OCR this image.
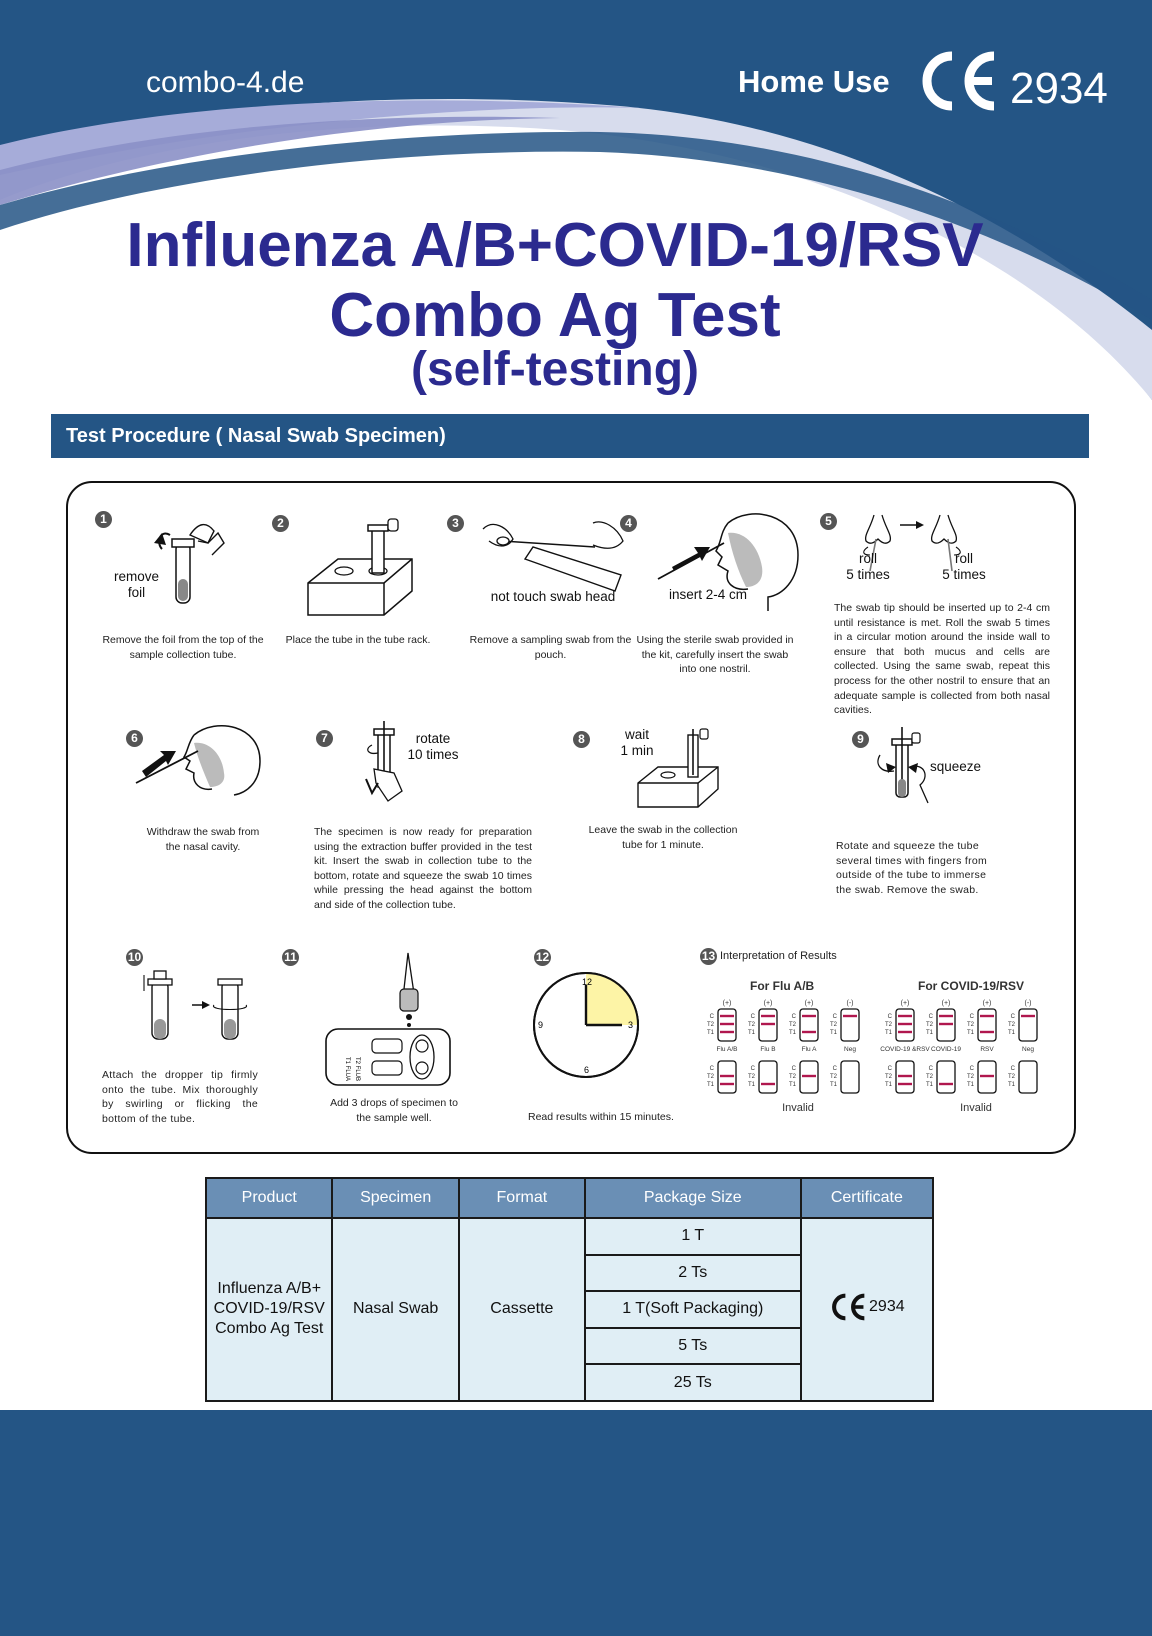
combo-4.de	Home Use	2934
Influenza A/B+COVID-19/RSV
Combo Ag Test
(self-testing)
Test Procedure ( Nasal Swab Specimen)
1
remove
foil
Remove the foil from the top of the sample collection tube.
2
Place the tube in the tube rack.
3
not touch swab head
Remove a sampling swab from the pouch.
4
insert 2-4 cm
Using the sterile swab provided in the kit, carefully insert the swab into one nostril.
5
roll
5 times
roll
5 times
The swab tip should be inserted up to 2-4 cm until resistance is met. Roll the swab 5 times in a circular motion around the inside wall to ensure that both mucus and cells are collected. Using the same swab, repeat this process for the other nostril to ensure that an adequate sample is collected from both nasal cavities.
6
Withdraw the swab from the nasal cavity.
7	rotate
10 times
The specimen is now ready for preparation using the extraction buffer provided in the test kit. Insert the swab in collection tube to the bottom, rotate and squeeze the swab 10 times while pressing the head against the bottom and side of the collection tube.
8	wait
1 min
Leave the swab in the collection tube for 1 minute.
9
squeeze
Rotate and squeeze the tube several times with fingers from outside of the tube to immerse the swab. Remove the swab.
10
Attach the dropper tip firmly onto the tube. Mix thoroughly by swirling or flicking the bottom of the tube.
11
T2 FLUB
T1 FLUA
Add 3 drops of specimen to the sample well.
12
12
3
6
9
Read results within 15 minutes.
13 Interpretation of Results
For Flu A/B	For COVID-19/RSV
(+)
C
T2
T1
Flu A/B
C
T2
T1
(+)
C
T2
T1
Flu B
C
T2
T1
(+)
C
T2
T1
Flu A
C
T2
T1
(-)
C
T2
T1
Neg
C
T2
T1
Invalid
(+)
C
T2
T1
COVID-19 &RSV
C
T2
T1
(+)
C
T2
T1
COVID-19
C
T2
T1
(+)
C
T2
T1
RSV
C
T2
T1
(-)
C
T2
T1
Neg
C
T2
T1
Invalid
Product	Specimen	Format	Package Size	Certificate
Influenza A/B+ COVID-19/RSV Combo Ag Test	Nasal Swab	Cassette	1 T	2934

			2 Ts	
			1 T(Soft Packaging)	
			5 Ts	
			25 Ts	
